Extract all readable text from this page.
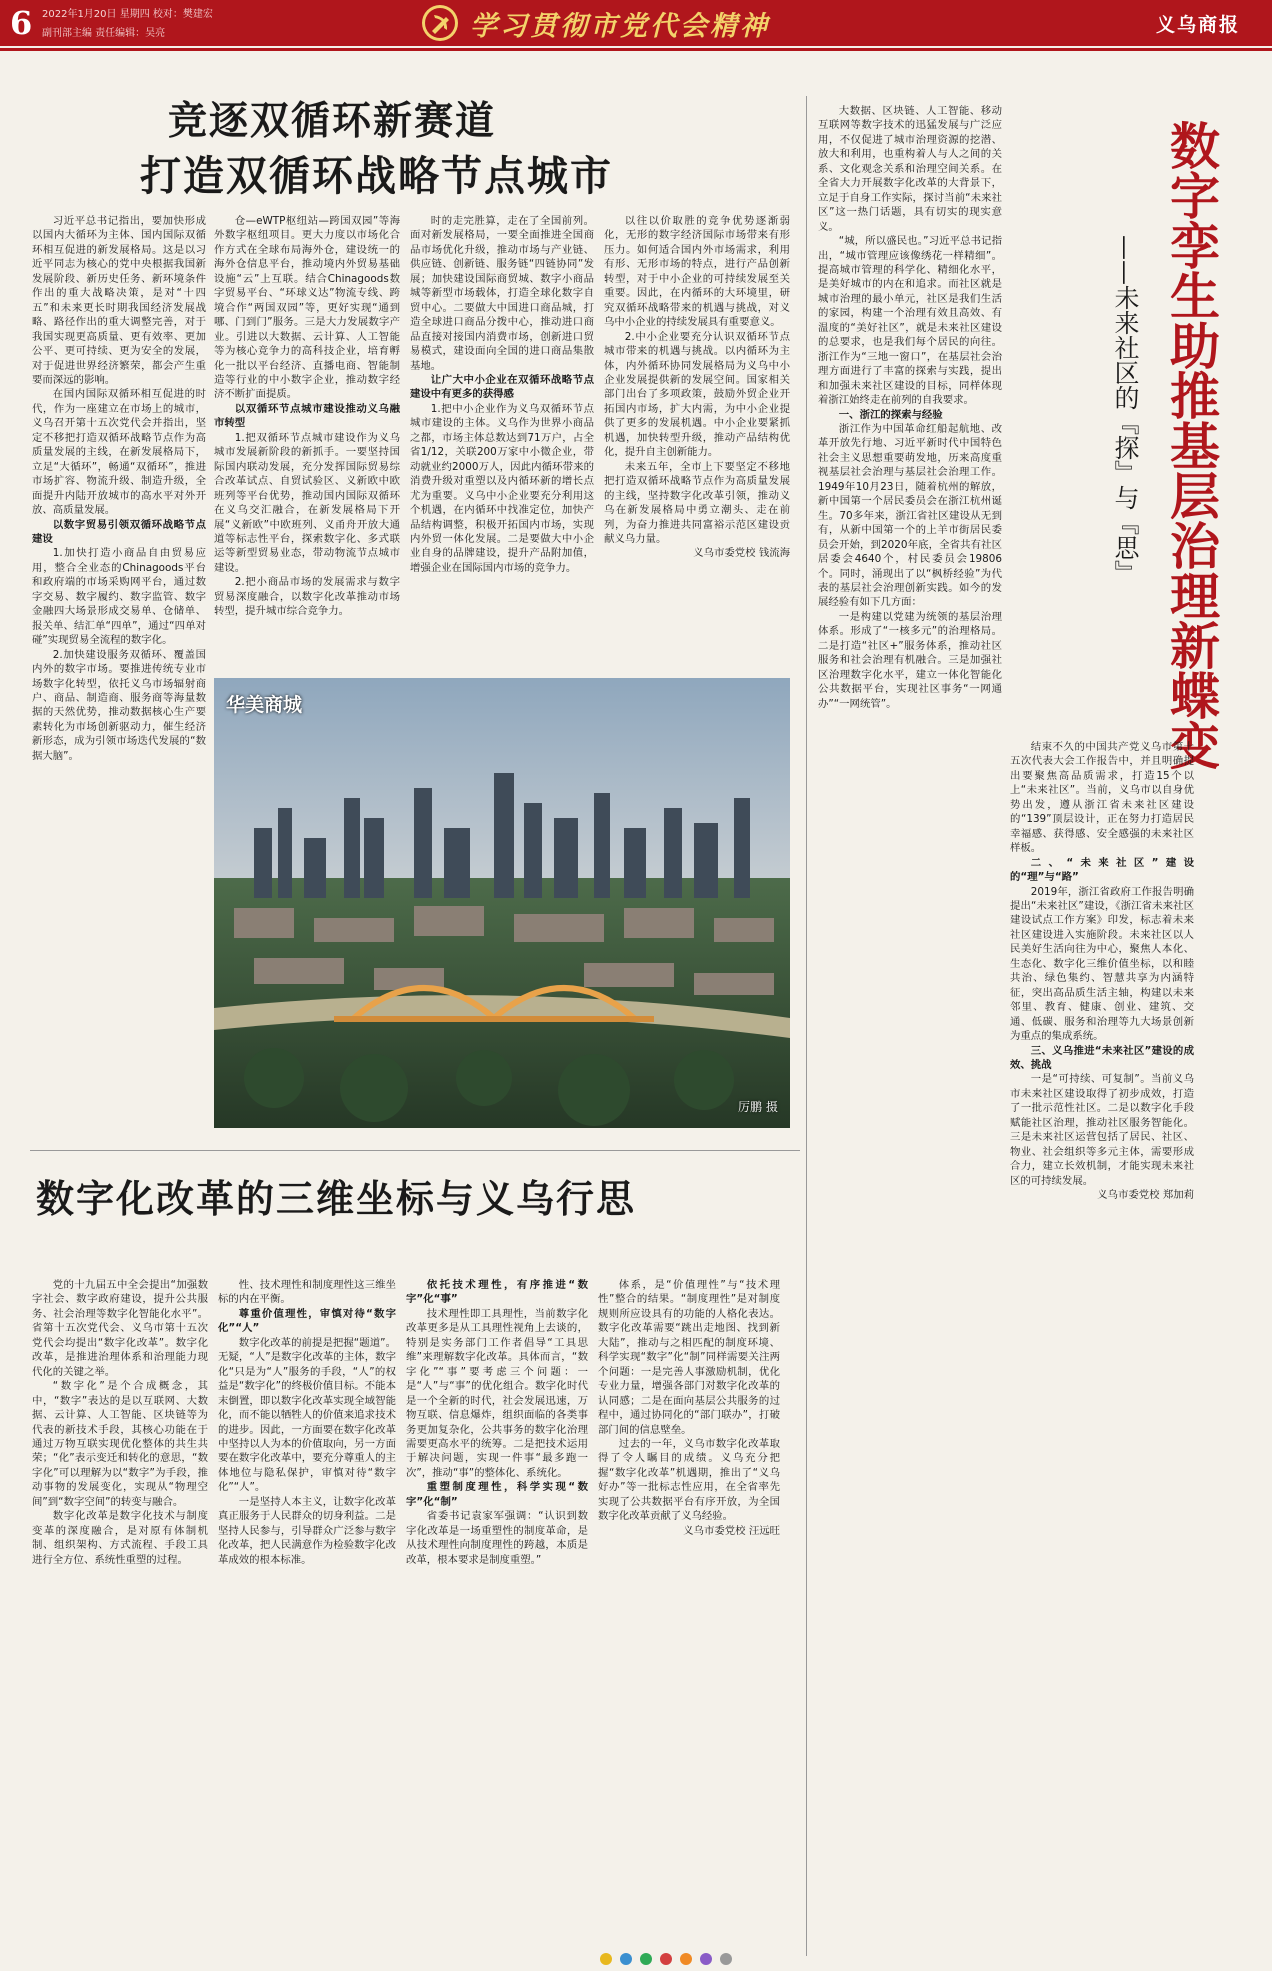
6 2022年1月20日 星期四 校对：樊建宏
副刊部主编 责任编辑：吴亮	学习贯彻市党代会精神	义乌商报
竞逐双循环新赛道
打造双循环战略节点城市

习近平总书记指出，要加快形成以国内大循环为主体、国内国际双循环相互促进的新发展格局。这是以习近平同志为核心的党中央根据我国新发展阶段、新历史任务、新环境条件作出的重大战略决策，是对“十四五”和未来更长时期我国经济发展战略、路径作出的重大调整完善，对于我国实现更高质量、更有效率、更加公平、更可持续、更为安全的发展，对于促进世界经济繁荣，都会产生重要而深远的影响。

在国内国际双循环相互促进的时代，作为一座建立在市场上的城市，义乌召开第十五次党代会并指出，坚定不移把打造双循环战略节点作为高质量发展的主线，在新发展格局下，立足“大循环”，畅通“双循环”，推进市场扩容、物流升级、制造升级，全面提升内陆开放城市的高水平对外开放、高质量发展。

以数字贸易引领双循环战略节点建设

1.加快打造小商品自由贸易应用，整合全业态的Chinagoods平台和政府端的市场采购网平台，通过数字交易、数字履约、数字监管、数字金融四大场景形成交易单、仓储单、报关单、结汇单“四单”，通过“四单对碰”实现贸易全流程的数字化。

2.加快建设服务双循环、覆盖国内外的数字市场。要推进传统专业市场数字化转型，依托义乌市场辐射商户、商品、制造商、服务商等海量数据的天然优势，推动数据核心生产要素转化为市场创新驱动力，催生经济新形态，成为引领市场迭代发展的“数据大脑”。

仓—eWTP枢纽站—跨国双园”等海外数字枢纽项目。更大力度以市场化合作方式在全球布局海外仓，建设统一的海外仓信息平台，推动境内外贸易基础设施“云”上互联。结合Chinagoods数字贸易平台、“环球义达”物流专线、跨境合作“两国双园”等，更好实现“通到哪、门到门”服务。三是大力发展数字产业。引进以大数据、云计算、人工智能等为核心竞争力的高科技企业，培育孵化一批以平台经济、直播电商、智能制造等行业的中小数字企业，推动数字经济不断扩面提质。

以双循环节点城市建设推动义乌融市转型

1.把双循环节点城市建设作为义乌城市发展新阶段的新抓手。一要坚持国际国内联动发展，充分发挥国际贸易综合改革试点、自贸试验区、义新欧中欧班列等平台优势，推动国内国际双循环在义乌交汇融合，在新发展格局下开展“义新欧”中欧班列、义甬舟开放大通道等标志性平台，探索数字化、多式联运等新型贸易业态，带动物流节点城市建设。

2.把小商品市场的发展需求与数字贸易深度融合，以数字化改革推动市场转型，提升城市综合竞争力。

时的走完胜算，走在了全国前列。面对新发展格局，一要全面推进全国商品市场优化升级，推动市场与产业链、供应链、创新链、服务链“四链协同”发展；加快建设国际商贸城、数字小商品城等新型市场载体，打造全球化数字自贸中心。二要做大中国进口商品城，打造全球进口商品分拨中心，推动进口商品直接对接国内消费市场，创新进口贸易模式，建设面向全国的进口商品集散基地。

让广大中小企业在双循环战略节点建设中有更多的获得感

1.把中小企业作为义乌双循环节点城市建设的主体。义乌作为世界小商品之都，市场主体总数达到71万户，占全省1/12，关联200万家中小微企业，带动就业约2000万人，因此内循环带来的消费升级对重塑以及内循环新的增长点尤为重要。义乌中小企业要充分利用这个机遇，在内循环中找准定位，加快产品结构调整，积极开拓国内市场，实现内外贸一体化发展。二是要做大中小企业自身的品牌建设，提升产品附加值，增强企业在国际国内市场的竞争力。

以往以价取胜的竞争优势逐渐弱化，无形的数字经济国际市场带来有形压力。如何适合国内外市场需求，利用有形、无形市场的特点，进行产品创新转型，对于中小企业的可持续发展至关重要。因此，在内循环的大环境里，研究双循环战略带来的机遇与挑战，对义乌中小企业的持续发展具有重要意义。

2.中小企业要充分认识双循环节点城市带来的机遇与挑战。以内循环为主体，内外循环协同发展格局为义乌中小企业发展提供新的发展空间。国家相关部门出台了多项政策，鼓励外贸企业开拓国内市场，扩大内需，为中小企业提供了更多的发展机遇。中小企业要紧抓机遇，加快转型升级，推动产品结构优化，提升自主创新能力。

未来五年，全市上下要坚定不移地把打造双循环战略节点作为高质量发展的主线，坚持数字化改革引领，推动义乌在新发展格局中勇立潮头、走在前列，为奋力推进共同富裕示范区建设贡献义乌力量。

义乌市委党校 钱流海

华美商城
厉鹏 摄
数字化改革的三维坐标与义乌行思

党的十九届五中全会提出“加强数字社会、数字政府建设，提升公共服务、社会治理等数字化智能化水平”。省第十五次党代会、义乌市第十五次党代会均提出“数字化改革”。数字化改革，是推进治理体系和治理能力现代化的关键之举。

“数字化”是个合成概念，其中，“数字”表达的是以互联网、大数据、云计算、人工智能、区块链等为代表的新技术手段，其核心功能在于通过万物互联实现优化整体的共生共荣；“化”表示变迁和转化的意思，“数字化”可以理解为以“数字”为手段，推动事物的发展变化，实现从“物理空间”到“数字空间”的转变与融合。

数字化改革是数字化技术与制度变革的深度融合，是对原有体制机制、组织架构、方式流程、手段工具进行全方位、系统性重塑的过程。

性、技术理性和制度理性这三维坐标的内在平衡。

尊重价值理性，审慎对待“数字化”“人”

数字化改革的前提是把握“题道”。无疑，“人”是数字化改革的主体，数字化“只是为“人”服务的手段，“人”的权益是“数字化”的终极价值目标。不能本末倒置，即以数字化改革实现全域智能化，而不能以牺牲人的价值来追求技术的进步。因此，一方面要在数字化改革中坚持以人为本的价值取向，另一方面要在数字化改革中，要充分尊重人的主体地位与隐私保护，审慎对待“数字化”“人”。

一是坚持人本主义，让数字化改革真正服务于人民群众的切身利益。二是坚持人民参与，引导群众广泛参与数字化改革，把人民满意作为检验数字化改革成效的根本标准。

依托技术理性，有序推进“数字”化“事”

技术理性即工具理性，当前数字化改革更多是从工具理性视角上去谈的，特别是实务部门工作者倡导“工具思维”来理解数字化改革。具体而言，“数字化”“事”要考虑三个问题：一是“人”与“事”的优化组合。数字化时代是一个全新的时代，社会发展迅速，万物互联、信息爆炸，组织面临的各类事务更加复杂化，公共事务的数字化治理需要更高水平的统筹。二是把技术运用于解决问题，实现一件事“最多跑一次”，推动“事”的整体化、系统化。

重塑制度理性，科学实现“数字”化“制”

省委书记袁家军强调：“认识到数字化改革是一场重塑性的制度革命，是从技术理性向制度理性的跨越，本质是改革，根本要求是制度重塑。”

体系，是“价值理性”与“技术理性”整合的结果。“制度理性”是对制度规则所应设具有的功能的人格化表达。数字化改革需要“跳出走地图、找到新大陆”，推动与之相匹配的制度环境、科学实现“数字”化“制”同样需要关注两个问题：一是完善人事激励机制，优化专业力量，增强各部门对数字化改革的认同感；二是在面向基层公共服务的过程中，通过协同化的“部门联办”，打破部门间的信息壁垒。

过去的一年，义乌市数字化改革取得了令人瞩目的成绩。义乌充分把握“数字化改革”机遇期，推出了“义乌好办”等一批标志性应用，在全省率先实现了公共数据平台有序开放，为全国数字化改革贡献了义乌经验。

义乌市委党校 汪远旺

数字孪生助推基层治理新蝶变
——未来社区的『探』与『思』

大数据、区块链、人工智能、移动互联网等数字技术的迅猛发展与广泛应用，不仅促进了城市治理资源的挖潜、放大和利用，也重构着人与人之间的关系、文化观念关系和治理空间关系。在全省大力开展数字化改革的大背景下，立足于自身工作实际，探讨当前“未来社区”这一热门话题，具有切实的现实意义。

“城，所以盛民也。”习近平总书记指出，“城市管理应该像绣花一样精细”。提高城市管理的科学化、精细化水平，是美好城市的内在和追求。而社区就是城市治理的最小单元，社区是我们生活的家园，构建一个治理有效且高效、有温度的“美好社区”，就是未来社区建设的总要求，也是我们每个居民的向往。浙江作为“三地一窗口”，在基层社会治理方面进行了丰富的探索与实践，提出和加强未来社区建设的目标，同样体现着浙江始终走在前列的自我要求。

一、浙江的探索与经验

浙江作为中国革命红船起航地、改革开放先行地、习近平新时代中国特色社会主义思想重要萌发地，历来高度重视基层社会治理与基层社会治理工作。1949年10月23日，随着杭州的解放，新中国第一个居民委员会在浙江杭州诞生。70多年来，浙江省社区建设从无到有，从新中国第一个的上羊市街居民委员会开始，到2020年底，全省共有社区居委会4640个，村民委员会19806个。同时，涌现出了以“枫桥经验”为代表的基层社会治理创新实践。如今的发展经验有如下几方面：

一是构建以党建为统领的基层治理体系。形成了“一核多元”的治理格局。二是打造“社区+”服务体系，推动社区服务和社会治理有机融合。三是加强社区治理数字化水平，建立一体化智能化公共数据平台，实现社区事务“一网通办”“一网统管”。

结束不久的中国共产党义乌市第十五次代表大会工作报告中，并且明确提出要聚焦高品质需求，打造15个以上“未来社区”。当前，义乌市以自身优势出发，遵从浙江省未来社区建设的“139”顶层设计，正在努力打造居民幸福感、获得感、安全感强的未来社区样板。

二、“未来社区”建设的“理”与“路”

2019年，浙江省政府工作报告明确提出“未来社区”建设，《浙江省未来社区建设试点工作方案》印发，标志着未来社区建设进入实施阶段。未来社区以人民美好生活向往为中心，聚焦人本化、生态化、数字化三维价值坐标，以和睦共治、绿色集约、智慧共享为内涵特征，突出高品质生活主轴，构建以未来邻里、教育、健康、创业、建筑、交通、低碳、服务和治理等九大场景创新为重点的集成系统。

三、义乌推进“未来社区”建设的成效、挑战

一是“可持续、可复制”。当前义乌市未来社区建设取得了初步成效，打造了一批示范性社区。二是以数字化手段赋能社区治理，推动社区服务智能化。三是未来社区运营包括了居民、社区、物业、社会组织等多元主体，需要形成合力，建立长效机制，才能实现未来社区的可持续发展。

义乌市委党校 郑加莉
